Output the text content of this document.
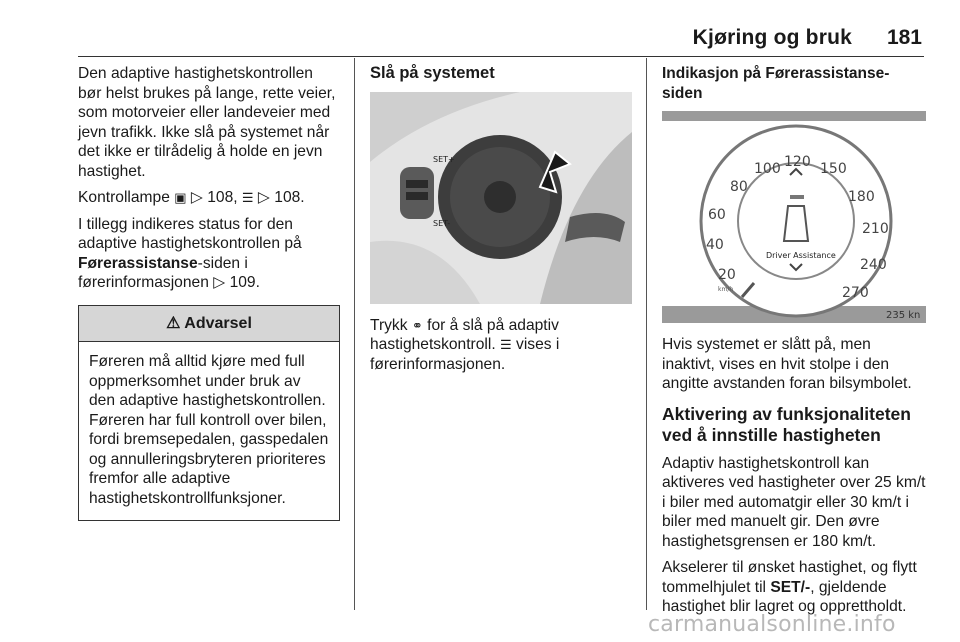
Kjøring og bruk 181

Den adaptive hastighetskontrollen bør helst brukes på lange, rette veier, som motorveier eller landeveier med jevn trafikk. Ikke slå på systemet når det ikke er tilrådelig å holde en jevn hastighet.

Kontrollampe ▣ ▷ 108, ☰ ▷ 108.

I tillegg indikeres status for den adaptive hastighetskontrollen på Førerassistanse-siden i førerinformasjonen ▷ 109.

⚠ Advarsel
Føreren må alltid kjøre med full oppmerksomhet under bruk av den adaptive hastighetskontrollen. Føreren har full kontroll over bilen, fordi bremsepedalen, gasspedalen og annulleringsbryteren prioriteres fremfor alle adaptive hastighetskontrollfunksjoner.
Slå på systemet
SET+
SET-

Trykk ⚭ for å slå på adaptiv hastighetskontroll. ☰ vises i førerinformasjonen.

Indikasjon på Førerassistanse-siden
20
40
60
80
100 120 150
180
210
240
270
km/h
Driver Assistance
235 kn

Hvis systemet er slått på, men inaktivt, vises en hvit stolpe i den angitte avstanden foran bilsymbolet.

Aktivering av funksjonaliteten ved å innstille hastigheten

Adaptiv hastighetskontroll kan aktiveres ved hastigheter over 25 km/t i biler med automatgir eller 30 km/t i biler med manuelt gir. Den øvre hastighetsgrensen er 180 km/t.

Akselerer til ønsket hastighet, og flytt tommelhjulet til SET/-, gjeldende hastighet blir lagret og opprettholdt.

carmanualsonline.info
